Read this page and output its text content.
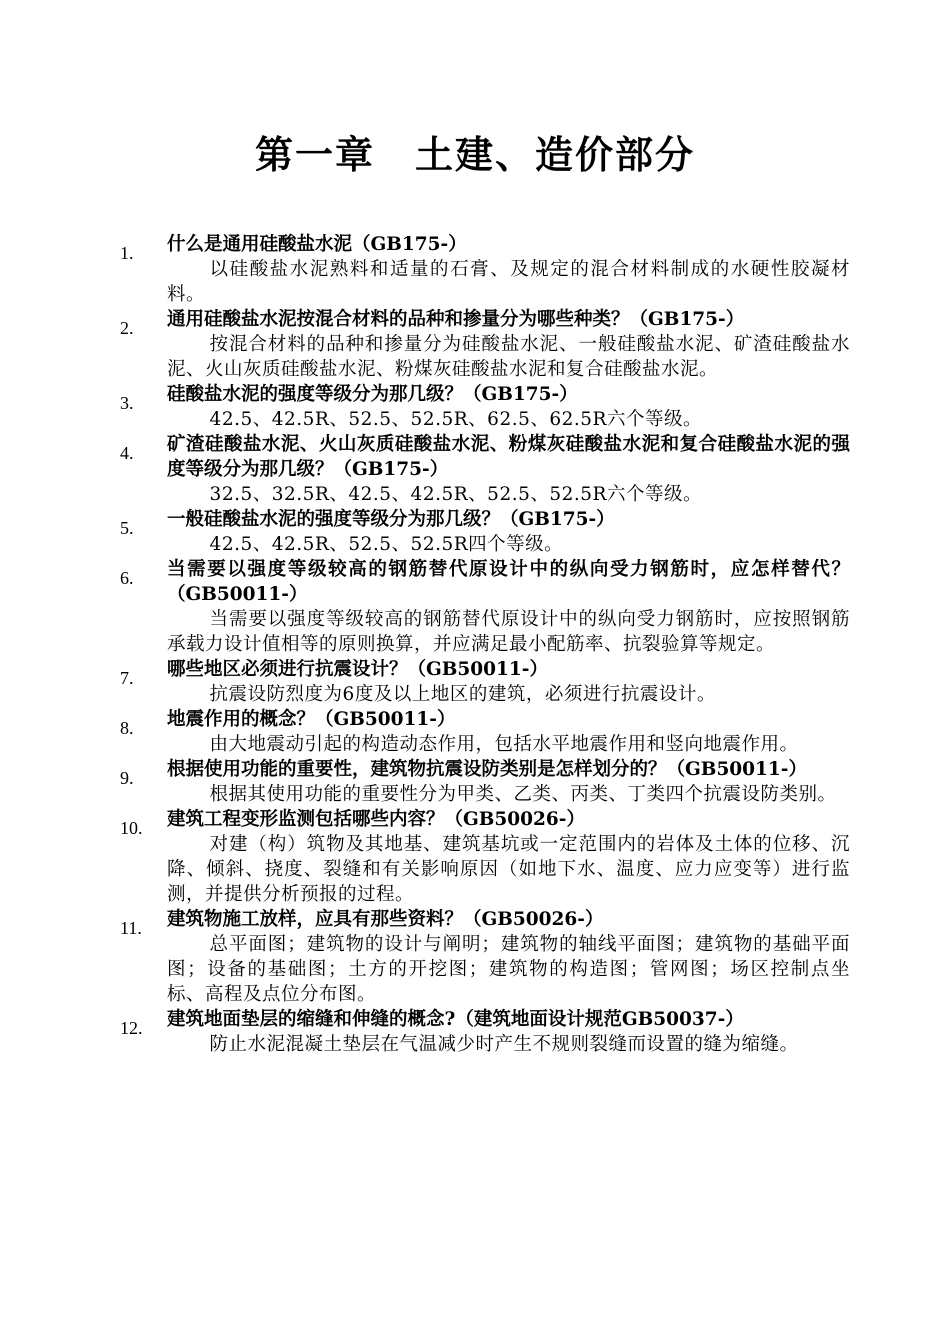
第一章　土建、造价部分
1. 什么是通用硅酸盐水泥（GB175-）
以硅酸盐水泥熟料和适量的石膏、及规定的混合材料制成的水硬性胶凝材料。
2. 通用硅酸盐水泥按混合材料的品种和掺量分为哪些种类？（GB175-）
按混合材料的品种和掺量分为硅酸盐水泥、一般硅酸盐水泥、矿渣硅酸盐水泥、火山灰质硅酸盐水泥、粉煤灰硅酸盐水泥和复合硅酸盐水泥。
3. 硅酸盐水泥的强度等级分为那几级？（GB175-）
42.5、42.5R、52.5、52.5R、62.5、62.5R六个等级。
4. 矿渣硅酸盐水泥、火山灰质硅酸盐水泥、粉煤灰硅酸盐水泥和复合硅酸盐水泥的强度等级分为那几级？（GB175-）
32.5、32.5R、42.5、42.5R、52.5、52.5R六个等级。
5. 一般硅酸盐水泥的强度等级分为那几级？（GB175-）
42.5、42.5R、52.5、52.5R四个等级。
6. 当需要以强度等级较高的钢筋替代原设计中的纵向受力钢筋时，应怎样替代？（GB50011-）
当需要以强度等级较高的钢筋替代原设计中的纵向受力钢筋时，应按照钢筋承载力设计值相等的原则换算，并应满足最小配筋率、抗裂验算等规定。
7. 哪些地区必须进行抗震设计？（GB50011-）
抗震设防烈度为6度及以上地区的建筑，必须进行抗震设计。
8. 地震作用的概念？（GB50011-）
由大地震动引起的构造动态作用，包括水平地震作用和竖向地震作用。
9. 根据使用功能的重要性，建筑物抗震设防类别是怎样划分的？（GB50011-）
根据其使用功能的重要性分为甲类、乙类、丙类、丁类四个抗震设防类别。
10. 建筑工程变形监测包括哪些内容？（GB50026-）
对建（构）筑物及其地基、建筑基坑或一定范围内的岩体及土体的位移、沉降、倾斜、挠度、裂缝和有关影响原因（如地下水、温度、应力应变等）进行监测，并提供分析预报的过程。
11. 建筑物施工放样，应具有那些资料？（GB50026-）
总平面图；建筑物的设计与阐明；建筑物的轴线平面图；建筑物的基础平面图；设备的基础图；土方的开挖图；建筑物的构造图；管网图；场区控制点坐标、高程及点位分布图。
12. 建筑地面垫层的缩缝和伸缝的概念?（建筑地面设计规范GB50037-）
防止水泥混凝土垫层在气温减少时产生不规则裂缝而设置的缝为缩缝。
